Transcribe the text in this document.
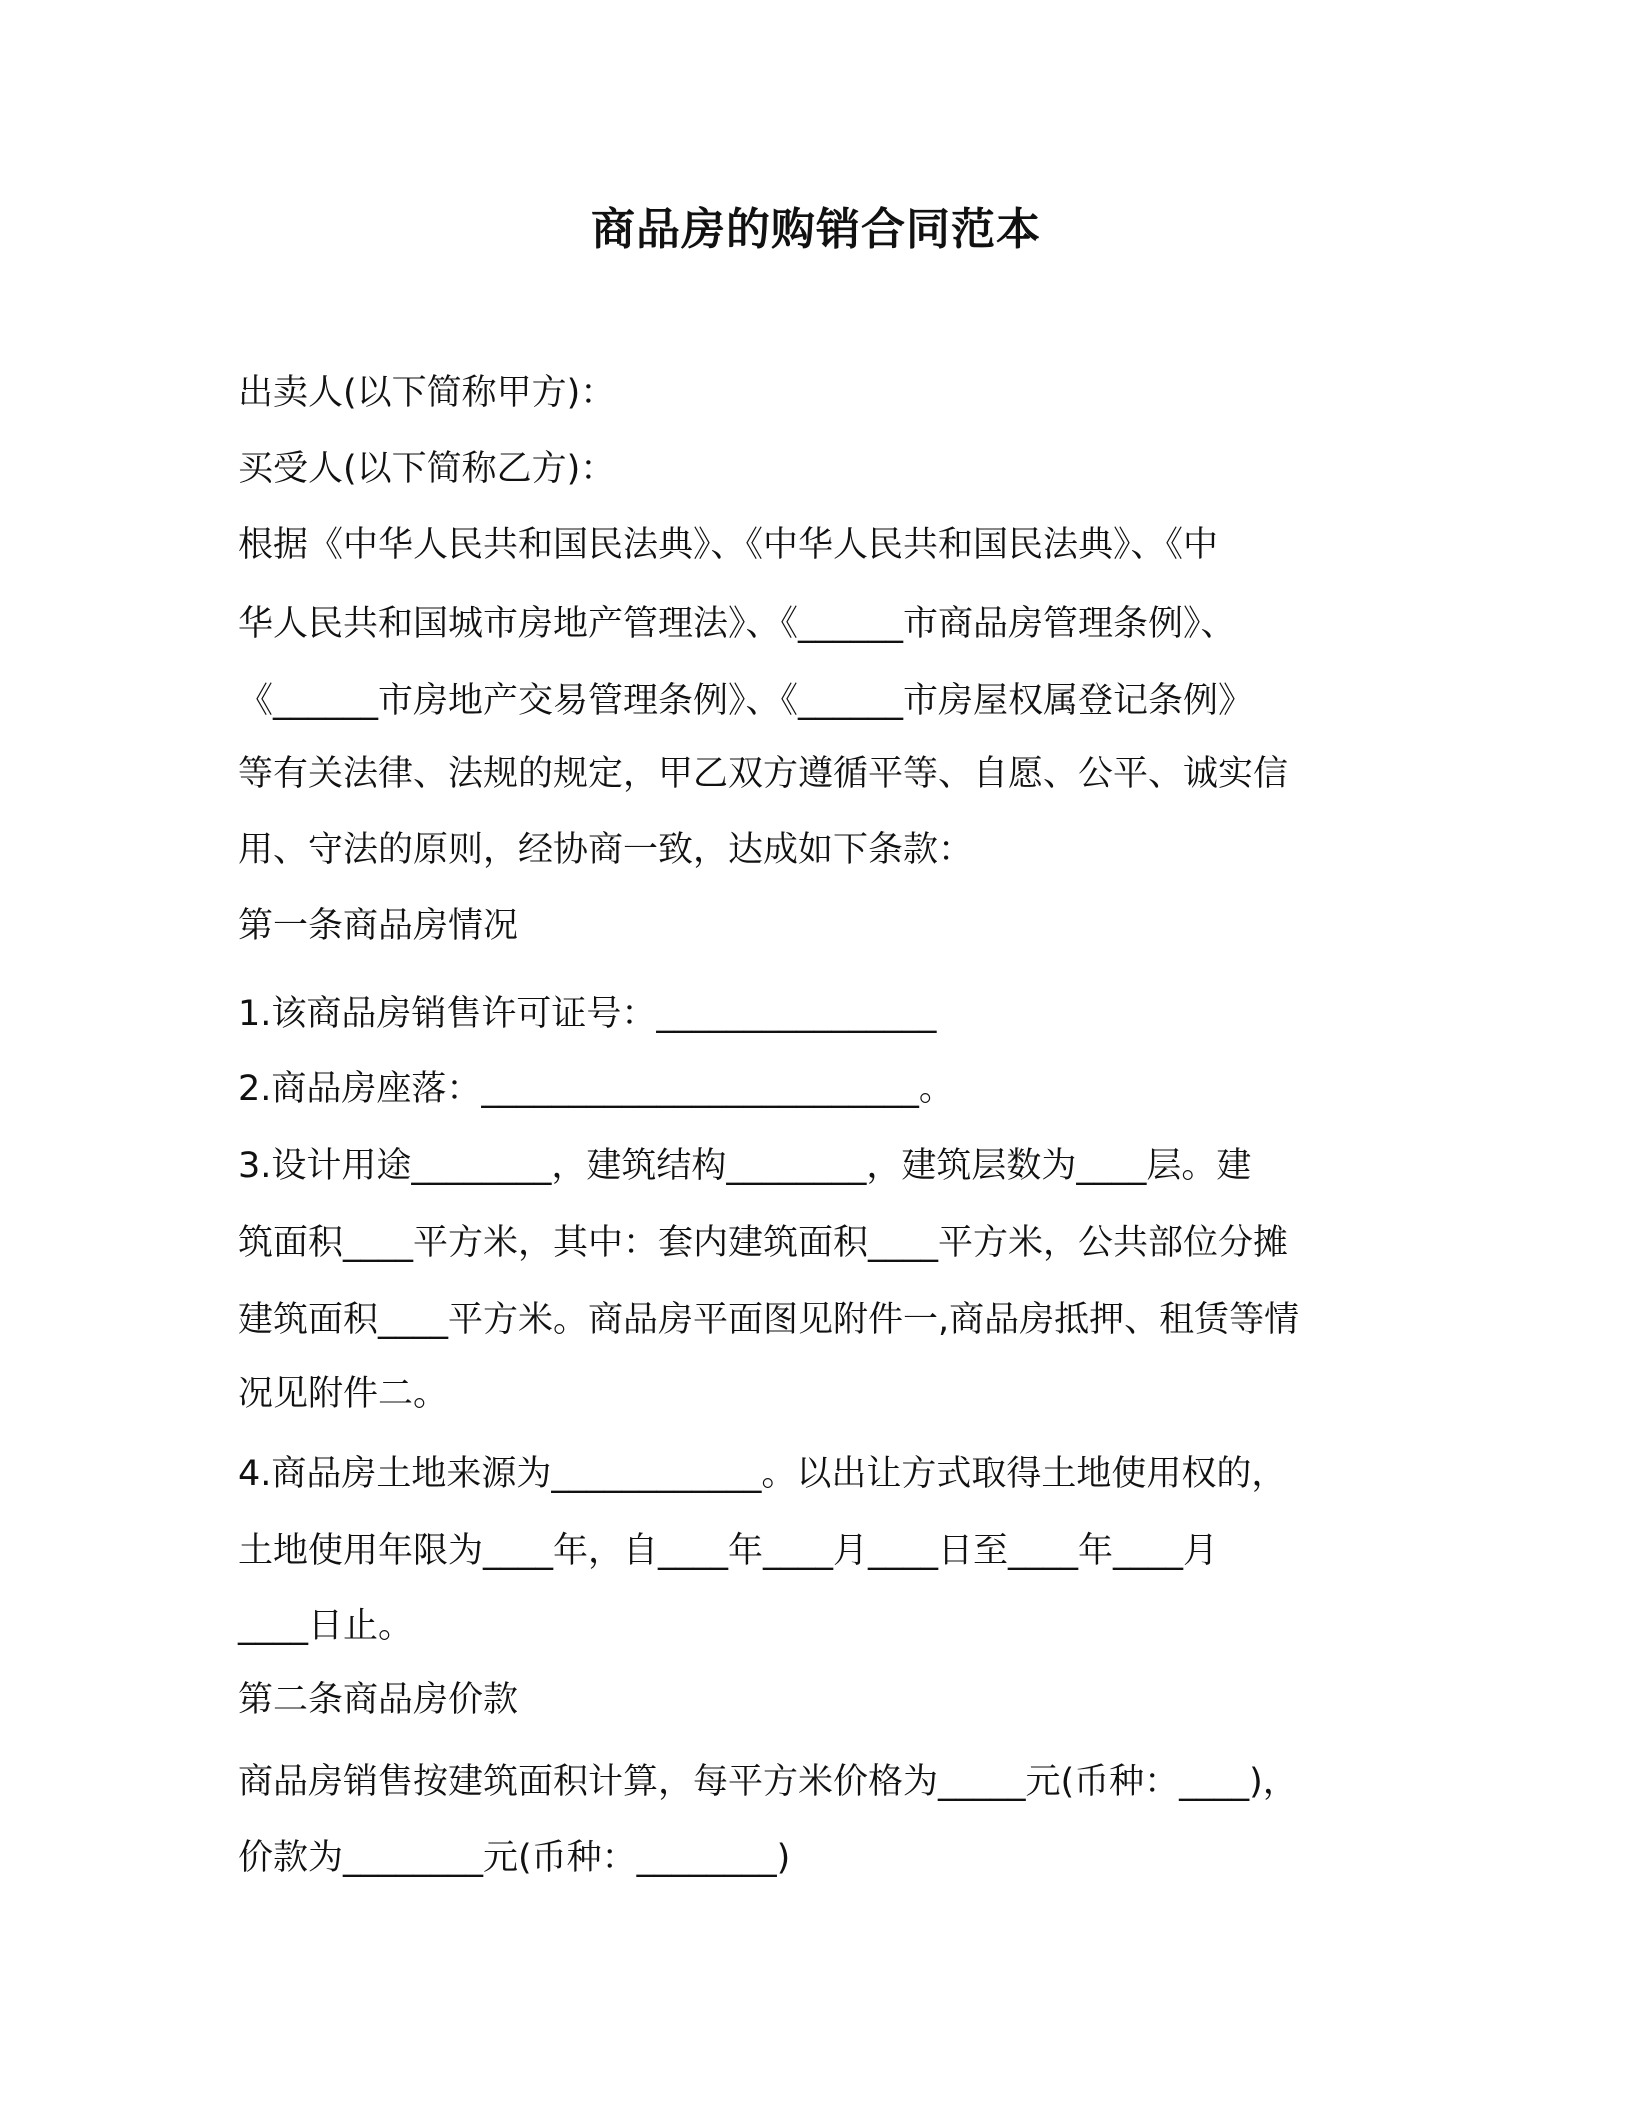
商品房的购销合同范本
出卖人(以下简称甲方)：
买受人(以下简称乙方)：
根据《中华人民共和国民法典》、《中华人民共和国民法典》、《中
华人民共和国城市房地产管理法》、《______市商品房管理条例》、
《______市房地产交易管理条例》、《______市房屋权属登记条例》
等有关法律、法规的规定，甲乙双方遵循平等、自愿、公平、诚实信
用、守法的原则，经协商一致，达成如下条款：
第一条商品房情况
1.该商品房销售许可证号：________________
2.商品房座落：_________________________。
3.设计用途________，建筑结构________，建筑层数为____层。建
筑面积____平方米，其中：套内建筑面积____平方米，公共部位分摊
建筑面积____平方米。商品房平面图见附件一,商品房抵押、租赁等情
况见附件二。
4.商品房土地来源为____________。以出让方式取得土地使用权的，
土地使用年限为____年，自____年____月____日至____年____月
____日止。
第二条商品房价款
商品房销售按建筑面积计算，每平方米价格为_____元(币种：____)，
价款为________元(币种：________)
